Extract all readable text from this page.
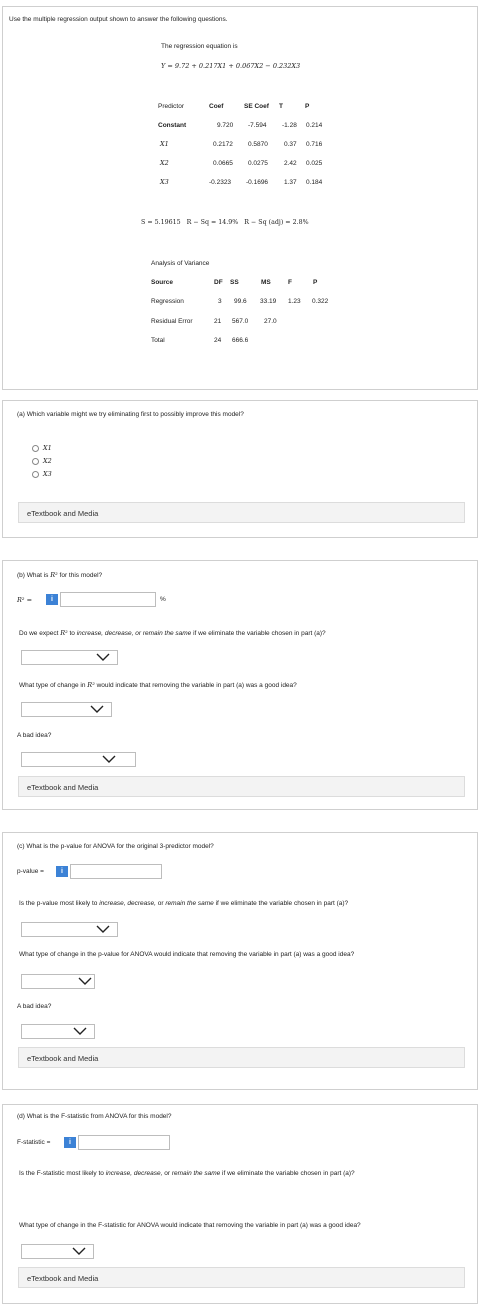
Use the multiple regression output shown to answer the following questions.
The regression equation is
Y = 9.72 + 0.217X1 + 0.067X2 − 0.232X3
Predictor	Coef	SE Coef T	P
Constant	9.720 -7.594 -1.28 0.214
X1	0.2172 0.5870 0.37 0.716
X2	0.0665 0.0275 2.42 0.025
X3	-0.2323 -0.1696 1.37 0.184
S = 5.19615   R − Sq = 14.9%   R − Sq (adj) = 2.8%
Analysis of Variance
Source	DF SS	MS	F	P
Regression	3 99.6 33.19 1.23 0.322
Residual Error	21 567.0 27.0
Total	24 666.6
(a) Which variable might we try eliminating first to possibly improve this model?
X1
X2
X3
eTextbook and Media
(b) What is R² for this model?
R² =	i	%
Do we expect R² to increase, decrease, or remain the same if we eliminate the variable chosen in part (a)?
What type of change in R² would indicate that removing the variable in part (a) was a good idea?
A bad idea?
eTextbook and Media
(c) What is the p-value for ANOVA for the original 3-predictor model?
p-value =	i
Is the p-value most likely to increase, decrease, or remain the same if we eliminate the variable chosen in part (a)?
What type of change in the p-value for ANOVA would indicate that removing the variable in part (a) was a good idea?
A bad idea?
eTextbook and Media
(d) What is the F-statistic from ANOVA for this model?
F-statistic =	i
Is the F-statistic most likely to increase, decrease, or remain the same if we eliminate the variable chosen in part (a)?
What type of change in the F-statistic for ANOVA would indicate that removing the variable in part (a) was a good idea?
eTextbook and Media
